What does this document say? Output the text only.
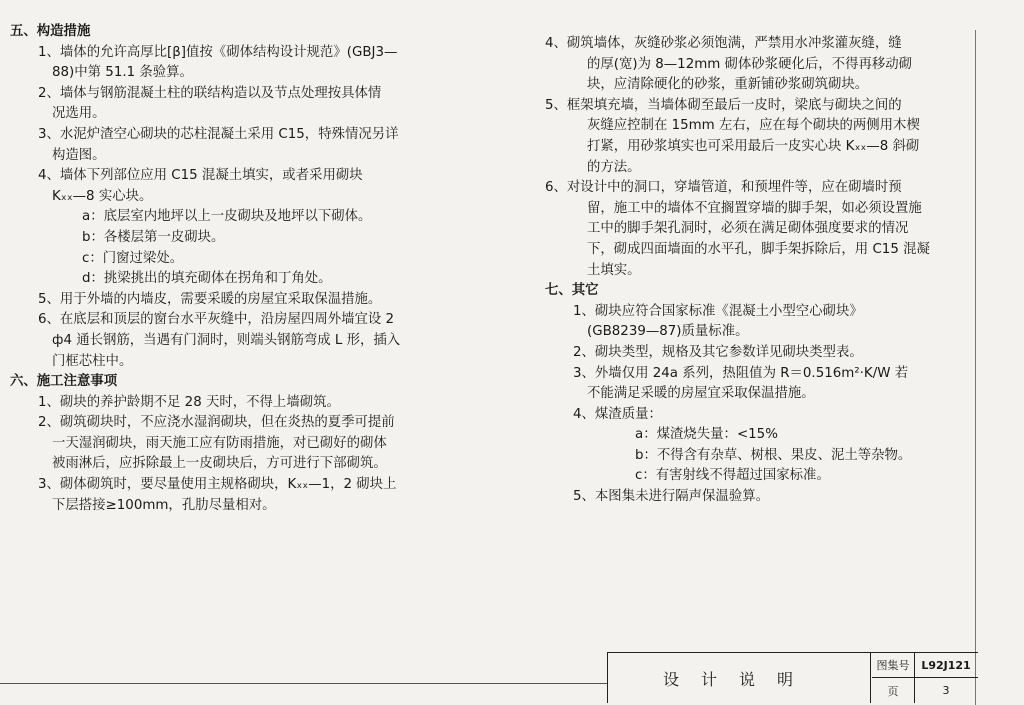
五、构造措施

1、墙体的允许高厚比[β]值按《砌体结构设计规范》(GBJ3—

88)中第 51.1 条验算。

2、墙体与钢筋混凝土柱的联结构造以及节点处理按具体情

况选用。

3、水泥炉渣空心砌块的芯柱混凝土采用 C15，特殊情况另详

构造图。

4、墙体下列部位应用 C15 混凝土填实，或者采用砌块

Kₓₓ—8 实心块。

a：底层室内地坪以上一皮砌块及地坪以下砌体。

b：各楼层第一皮砌块。

c：门窗过梁处。

d：挑梁挑出的填充砌体在拐角和丁角处。

5、用于外墙的内墙皮，需要采暖的房屋宜采取保温措施。

6、在底层和顶层的窗台水平灰缝中，沿房屋四周外墙宜设 2

ф4 通长钢筋，当遇有门洞时，则端头钢筋弯成 L 形，插入

门框芯柱中。

六、施工注意事项

1、砌块的养护龄期不足 28 天时，不得上墙砌筑。

2、砌筑砌块时，不应浇水湿润砌块，但在炎热的夏季可提前

一天湿润砌块，雨天施工应有防雨措施，对已砌好的砌体

被雨淋后，应拆除最上一皮砌块后，方可进行下部砌筑。

3、砌体砌筑时，要尽量使用主规格砌块，Kₓₓ—1，2 砌块上

下层搭接≥100mm，孔肋尽量相对。

4、砌筑墙体，灰缝砂浆必须饱满，严禁用水冲浆灌灰缝，缝

的厚(宽)为 8—12mm 砌体砂浆硬化后，不得再移动砌

块，应清除硬化的砂浆，重新铺砂浆砌筑砌块。

5、框架填充墙，当墙体砌至最后一皮时，梁底与砌块之间的

灰缝应控制在 15mm 左右，应在每个砌块的两侧用木楔

打紧，用砂浆填实也可采用最后一皮实心块 Kₓₓ—8 斜砌

的方法。

6、对设计中的洞口，穿墙管道，和预埋件等，应在砌墙时预

留，施工中的墙体不宜搁置穿墙的脚手架，如必须设置施

工中的脚手架孔洞时，必须在满足砌体强度要求的情况

下，砌成四面墙面的水平孔，脚手架拆除后，用 C15 混凝

土填实。

七、其它

1、砌块应符合国家标准《混凝土小型空心砌块》

(GB8239—87)质量标准。

2、砌块类型，规格及其它参数详见砌块类型表。

3、外墙仅用 24a 系列，热阻值为 R＝0.516m²·K/W 若

不能满足采暖的房屋宜采取保温措施。

4、煤渣质量：

a：煤渣烧失量：<15%

b：不得含有杂草、树根、果皮、泥土等杂物。

c：有害射线不得超过国家标准。

5、本图集未进行隔声保温验算。

设计说明
图集号	L92J121
页	3
